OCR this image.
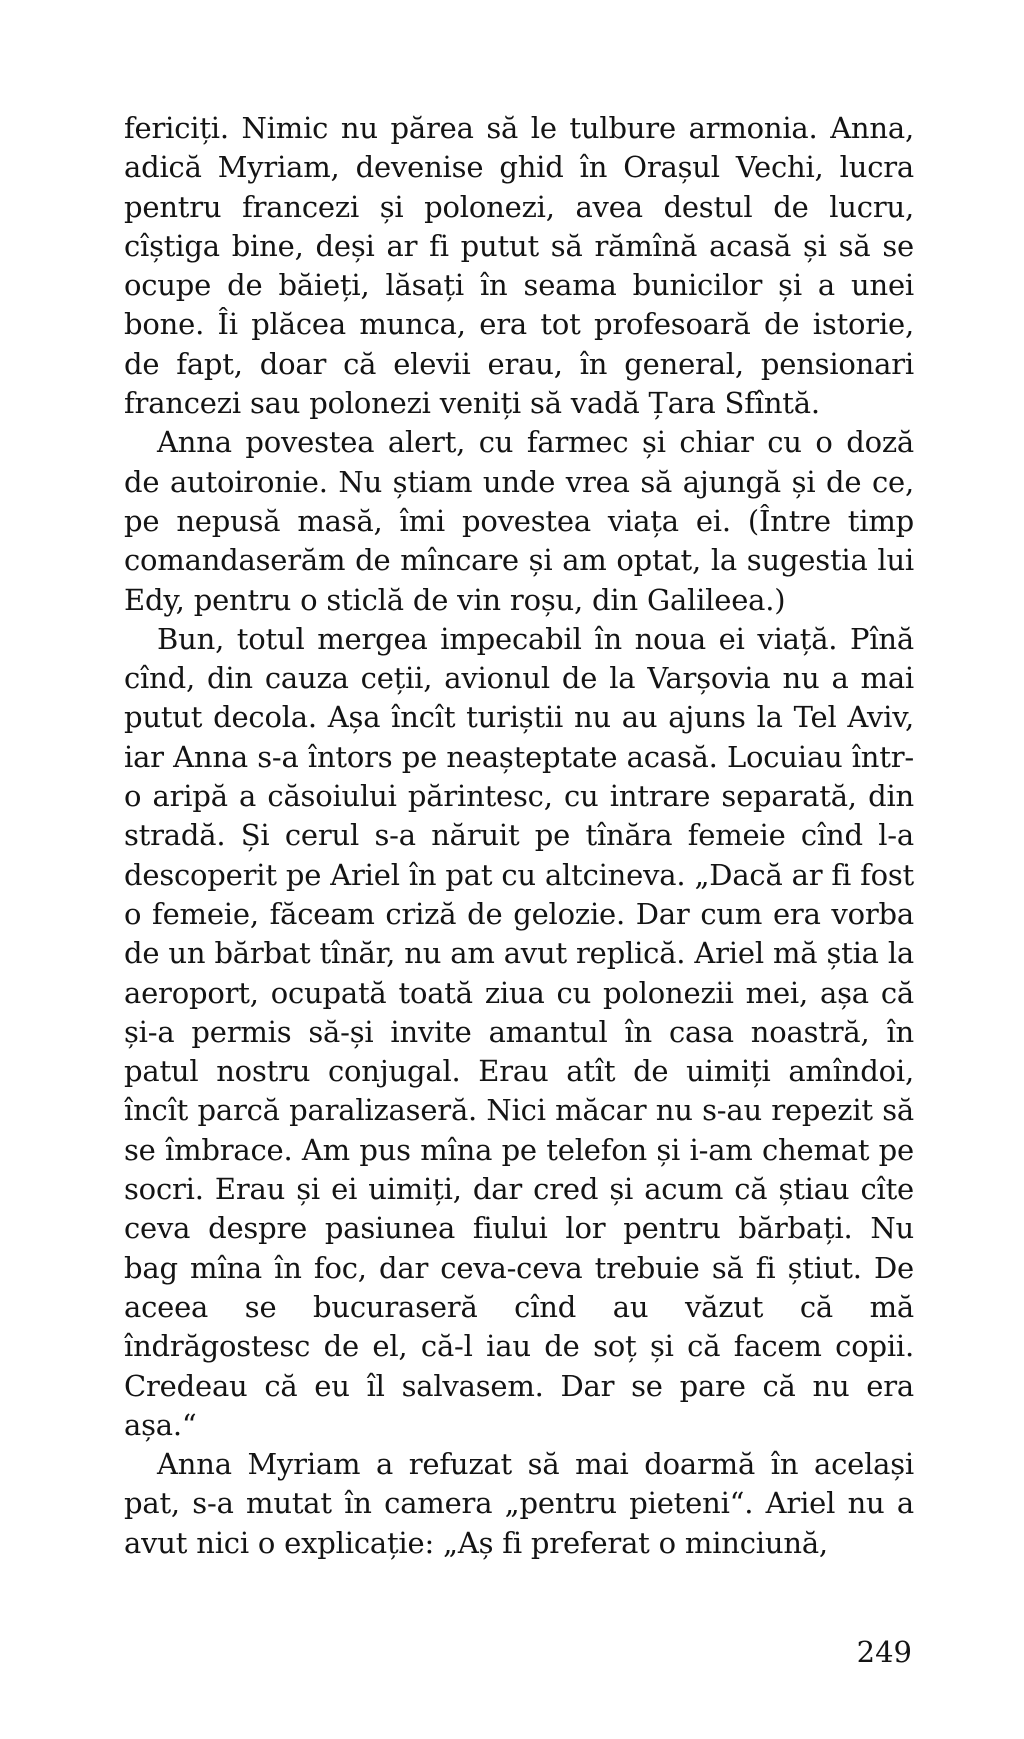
fericiți. Nimic nu părea să le tulbure armonia. Anna, adică Myriam, devenise ghid în Orașul Vechi, lucra pentru francezi și polonezi, avea destul de lucru, cîștiga bine, deși ar fi putut să rămînă acasă și să se ocupe de băieți, lăsați în seama bunicilor și a unei bone. Îi plăcea munca, era tot profesoară de istorie, de fapt, doar că elevii erau, în general, pensionari francezi sau polonezi veniți să vadă Țara Sfîntă.

Anna povestea alert, cu farmec și chiar cu o doză de autoironie. Nu știam unde vrea să ajungă și de ce, pe nepusă masă, îmi povestea viața ei. (Între timp comandaserăm de mîncare și am optat, la sugestia lui Edy, pentru o sticlă de vin roșu, din Galileea.)

Bun, totul mergea impecabil în noua ei viață. Pînă cînd, din cauza ceții, avionul de la Varșovia nu a mai putut decola. Așa încît turiștii nu au ajuns la Tel Aviv, iar Anna s-a întors pe neașteptate acasă. Locuiau într-o aripă a căsoiului părintesc, cu intrare separată, din stradă. Și cerul s-a năruit pe tînăra femeie cînd l-a descoperit pe Ariel în pat cu altcineva. „Dacă ar fi fost o femeie, făceam criză de gelozie. Dar cum era vorba de un bărbat tînăr, nu am avut replică. Ariel mă știa la aeroport, ocupată toată ziua cu polonezii mei, așa că și-a permis să-și invite amantul în casa noastră, în patul nostru conjugal. Erau atît de uimiți amîndoi, încît parcă paralizaseră. Nici măcar nu s-au repezit să se îmbrace. Am pus mîna pe telefon și i-am chemat pe socri. Erau și ei uimiți, dar cred și acum că știau cîte ceva despre pasiunea fiului lor pentru bărbați. Nu bag mîna în foc, dar ceva-ceva trebuie să fi știut. De aceea se bucuraseră cînd au văzut că mă îndrăgostesc de el, că-l iau de soț și că facem copii. Credeau că eu îl salvasem. Dar se pare că nu era așa.“

Anna Myriam a refuzat să mai doarmă în același pat, s-a mutat în camera „pentru pieteni“. Ariel nu a avut nici o explicație: „Aș fi preferat o minciună,

249
